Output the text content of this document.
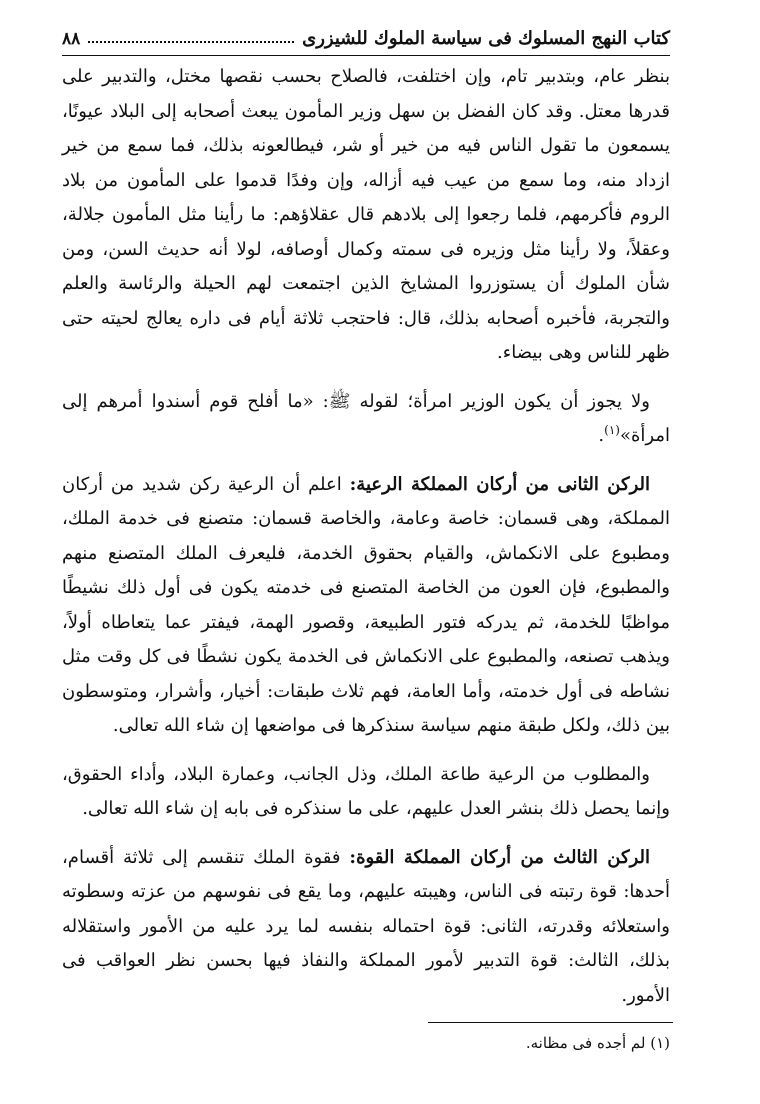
كتاب النهج المسلوك فى سياسة الملوك للشيزرى
٨٨

بنظر عام، وبتدبير تام، وإن اختلفت، فالصلاح بحسب نقصها مختل، والتدبير على قدرها معتل. وقد كان الفضل بن سهل وزير المأمون يبعث أصحابه إلى البلاد عيونًا، يسمعون ما تقول الناس فيه من خير أو شر، فيطالعونه بذلك، فما سمع من خير ازداد منه، وما سمع من عيب فيه أزاله، وإن وفدًا قدموا على المأمون من بلاد الروم فأكرمهم، فلما رجعوا إلى بلادهم قال عقلاؤهم: ما رأينا مثل المأمون جلالة، وعقلاً، ولا رأينا مثل وزيره فى سمته وكمال أوصافه، لولا أنه حديث السن، ومن شأن الملوك أن يستوزروا المشايخ الذين اجتمعت لهم الحيلة والرئاسة والعلم والتجربة، فأخبره أصحابه بذلك، قال: فاحتجب ثلاثة أيام فى داره يعالج لحيته حتى ظهر للناس وهى بيضاء.

ولا يجوز أن يكون الوزير امرأة؛ لقوله ﷺ: «ما أفلح قوم أسندوا أمرهم إلى امرأة»$^{(١)}$.

الركن الثانى من أركان المملكة الرعية: اعلم أن الرعية ركن شديد من أركان المملكة، وهى قسمان: خاصة وعامة، والخاصة قسمان: متصنع فى خدمة الملك، ومطبوع على الانكماش، والقيام بحقوق الخدمة، فليعرف الملك المتصنع منهم والمطبوع، فإن العون من الخاصة المتصنع فى خدمته يكون فى أول ذلك نشيطًا مواظبًا للخدمة، ثم يدركه فتور الطبيعة، وقصور الهمة، فيفتر عما يتعاطاه أولاً، ويذهب تصنعه، والمطبوع على الانكماش فى الخدمة يكون نشطًا فى كل وقت مثل نشاطه فى أول خدمته، وأما العامة، فهم ثلاث طبقات: أخيار، وأشرار، ومتوسطون بين ذلك، ولكل طبقة منهم سياسة سنذكرها فى مواضعها إن شاء الله تعالى.

والمطلوب من الرعية طاعة الملك، وذل الجانب، وعمارة البلاد، وأداء الحقوق، وإنما يحصل ذلك بنشر العدل عليهم، على ما سنذكره فى بابه إن شاء الله تعالى.

الركن الثالث من أركان المملكة القوة: فقوة الملك تنقسم إلى ثلاثة أقسام، أحدها: قوة رتبته فى الناس، وهيبته عليهم، وما يقع فى نفوسهم من عزته وسطوته واستعلائه وقدرته، الثانى: قوة احتماله بنفسه لما يرد عليه من الأمور واستقلاله بذلك، الثالث: قوة التدبير لأمور المملكة والنفاذ فيها بحسن نظر العواقب فى الأمور.

(١) لم أجده فى مظانه.
